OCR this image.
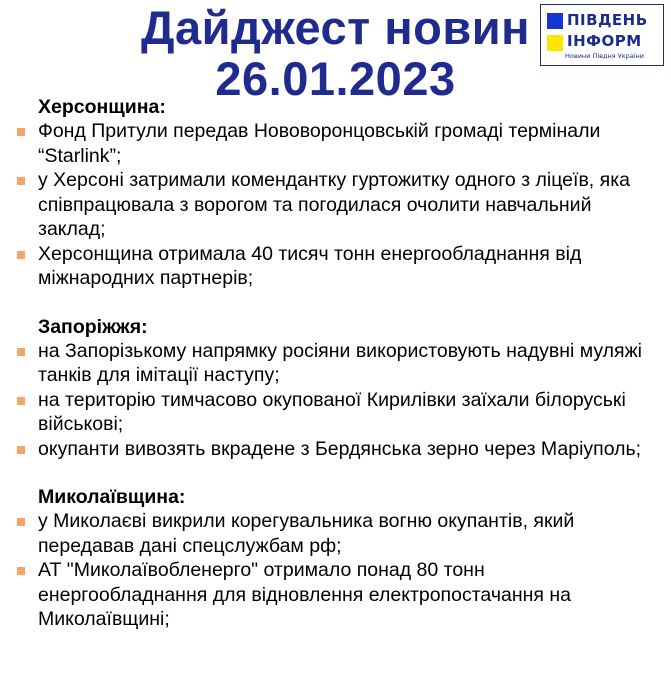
Дайджест новин
26.01.2023
ПІВДЕНЬ
ІНФОРМ
Новини Півдня України
Херсонщина:
Фонд Притули передав Нововоронцовській громаді термінали “Starlink”;
у Херсоні затримали комендантку гуртожитку одного з ліцеїв, яка співпрацювала з ворогом та погодилася очолити навчальний заклад;
Херсонщина отримала 40 тисяч тонн енергообладнання від міжнародних партнерів;
Запоріжжя:
на Запорізькому напрямку росіяни використовують надувні муляжі танків для імітації наступу;
на територію тимчасово окупованої Кирилівки заїхали білоруські військові;
окупанти вивозять вкрадене з Бердянська зерно через Маріуполь;
Миколаївщина:
у Миколаєві викрили корегувальника вогню окупантів, який передавав дані спецслужбам рф;
АТ "Миколаївобленерго" отримало понад 80 тонн енергообладнання для відновлення електропостачання на Миколаївщині;
